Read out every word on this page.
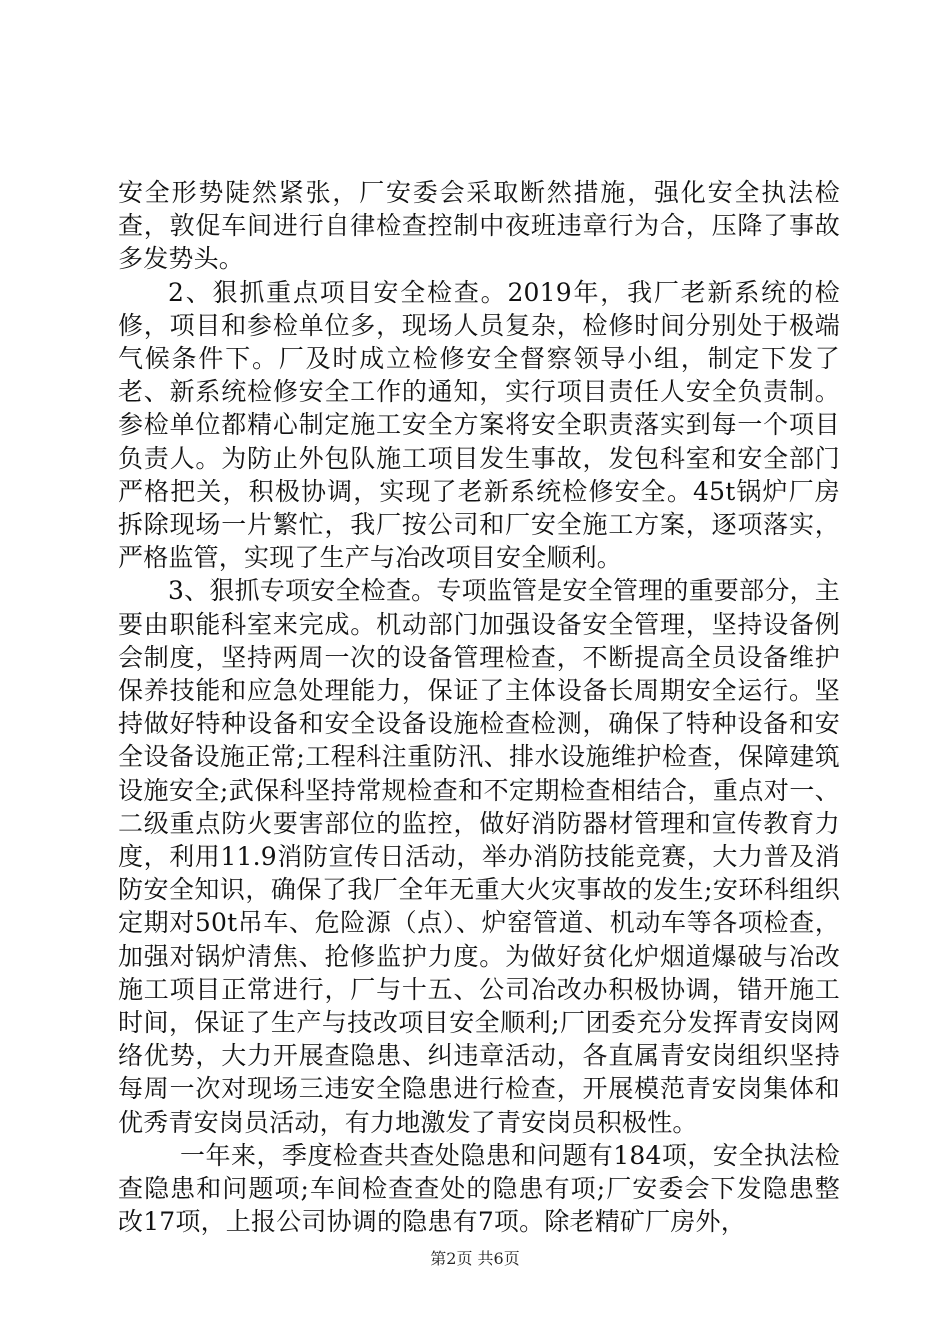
安全形势陡然紧张，厂安委会采取断然措施，强化安全执法检查，敦促车间进行自律检查控制中夜班违章行为合，压降了事故多发势头。

2、狠抓重点项目安全检查。2019年，我厂老新系统的检修，项目和参检单位多，现场人员复杂，检修时间分别处于极端气候条件下。厂及时成立检修安全督察领导小组，制定下发了老、新系统检修安全工作的通知，实行项目责任人安全负责制。参检单位都精心制定施工安全方案将安全职责落实到每一个项目负责人。为防止外包队施工项目发生事故，发包科室和安全部门严格把关，积极协调，实现了老新系统检修安全。45t锅炉厂房拆除现场一片繁忙，我厂按公司和厂安全施工方案，逐项落实，严格监管，实现了生产与冶改项目安全顺利。

3、狠抓专项安全检查。专项监管是安全管理的重要部分，主要由职能科室来完成。机动部门加强设备安全管理，坚持设备例会制度，坚持两周一次的设备管理检查，不断提高全员设备维护保养技能和应急处理能力，保证了主体设备长周期安全运行。坚持做好特种设备和安全设备设施检查检测，确保了特种设备和安全设备设施正常;工程科注重防汛、排水设施维护检查，保障建筑设施安全;武保科坚持常规检查和不定期检查相结合，重点对一、二级重点防火要害部位的监控，做好消防器材管理和宣传教育力度，利用11.9消防宣传日活动，举办消防技能竞赛，大力普及消防安全知识，确保了我厂全年无重大火灾事故的发生;安环科组织定期对50t吊车、危险源（点）、炉窑管道、机动车等各项检查，加强对锅炉清焦、抢修监护力度。为做好贫化炉烟道爆破与冶改施工项目正常进行，厂与十五、公司冶改办积极协调，错开施工时间，保证了生产与技改项目安全顺利;厂团委充分发挥青安岗网络优势，大力开展查隐患、纠违章活动，各直属青安岗组织坚持每周一次对现场三违安全隐患进行检查，开展模范青安岗集体和优秀青安岗员活动，有力地激发了青安岗员积极性。

一年来，季度检查共查处隐患和问题有184项，安全执法检查隐患和问题项;车间检查查处的隐患有项;厂安委会下发隐患整改17项，上报公司协调的隐患有7项。除老精矿厂房外，

第2页 共6页
